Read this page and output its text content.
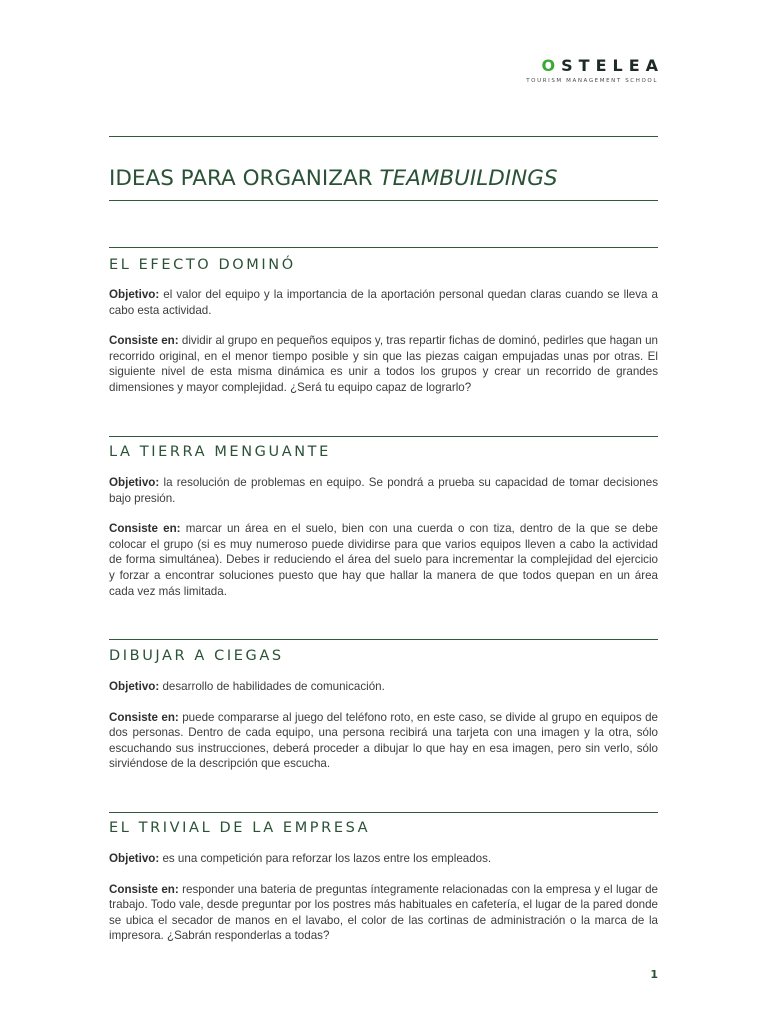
OSTELEA
TOURISM MANAGEMENT SCHOOL
IDEAS PARA ORGANIZAR TEAMBUILDINGS
EL EFECTO DOMINÓ

Objetivo: el valor del equipo y la importancia de la aportación personal quedan claras cuando se lleva a cabo esta actividad.

Consiste en: dividir al grupo en pequeños equipos y, tras repartir fichas de dominó, pedirles que hagan un recorrido original, en el menor tiempo posible y sin que las piezas caigan empujadas unas por otras. El siguiente nivel de esta misma dinámica es unir a todos los grupos y crear un recorrido de grandes dimensiones y mayor complejidad. ¿Será tu equipo capaz de lograrlo?

LA TIERRA MENGUANTE

Objetivo: la resolución de problemas en equipo. Se pondrá a prueba su capacidad de tomar decisiones bajo presión.

Consiste en: marcar un área en el suelo, bien con una cuerda o con tiza, dentro de la que se debe colocar el grupo (si es muy numeroso puede dividirse para que varios equipos lleven a cabo la actividad de forma simultánea). Debes ir reduciendo el área del suelo para incrementar la complejidad del ejercicio y forzar a encontrar soluciones puesto que hay que hallar la manera de que todos quepan en un área cada vez más limitada.

DIBUJAR A CIEGAS

Objetivo: desarrollo de habilidades de comunicación.

Consiste en: puede compararse al juego del teléfono roto, en este caso, se divide al grupo en equipos de dos personas. Dentro de cada equipo, una persona recibirá una tarjeta con una imagen y la otra, sólo escuchando sus instrucciones, deberá proceder a dibujar lo que hay en esa imagen, pero sin verlo, sólo sirviéndose de la descripción que escucha.

EL TRIVIAL DE LA EMPRESA

Objetivo: es una competición para reforzar los lazos entre los empleados.

Consiste en: responder una bateria de preguntas íntegramente relacionadas con la empresa y el lugar de trabajo. Todo vale, desde preguntar por los postres más habituales en cafetería, el lugar de la pared donde se ubica el secador de manos en el lavabo, el color de las cortinas de administración o la marca de la impresora. ¿Sabrán responderlas a todas?

1
